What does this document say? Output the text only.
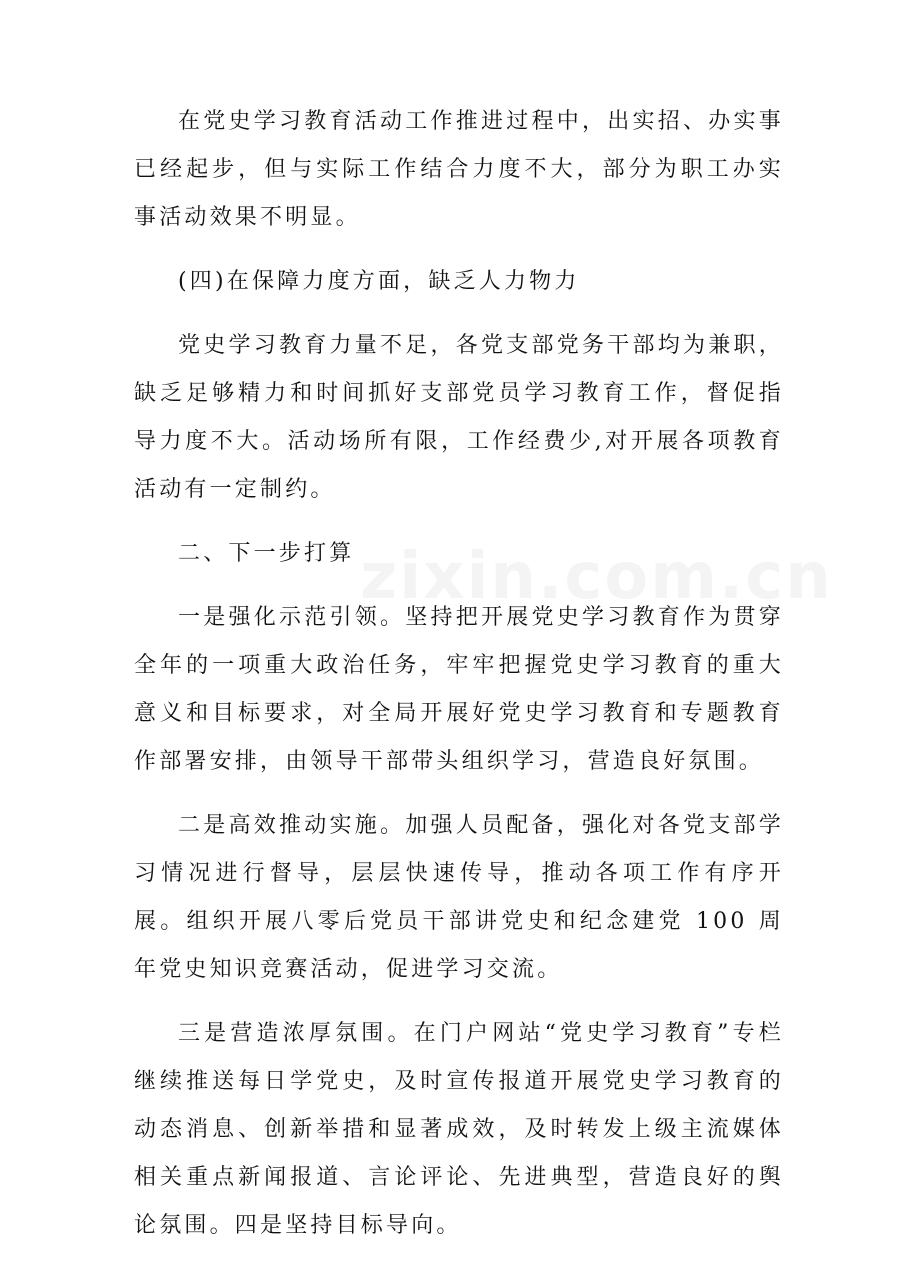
zixin.com.cn

在党史学习教育活动工作推进过程中，出实招、办实事已经起步，但与实际工作结合力度不大，部分为职工办实事活动效果不明显。

(四)在保障力度方面，缺乏人力物力

党史学习教育力量不足，各党支部党务干部均为兼职，缺乏足够精力和时间抓好支部党员学习教育工作，督促指导力度不大。活动场所有限，工作经费少,对开展各项教育活动有一定制约。

二、下一步打算

一是强化示范引领。坚持把开展党史学习教育作为贯穿全年的一项重大政治任务，牢牢把握党史学习教育的重大意义和目标要求，对全局开展好党史学习教育和专题教育作部署安排，由领导干部带头组织学习，营造良好氛围。

二是高效推动实施。加强人员配备，强化对各党支部学习情况进行督导，层层快速传导，推动各项工作有序开展。组织开展八零后党员干部讲党史和纪念建党 100 周年党史知识竞赛活动，促进学习交流。

三是营造浓厚氛围。在门户网站“党史学习教育”专栏继续推送每日学党史，及时宣传报道开展党史学习教育的动态消息、创新举措和显著成效，及时转发上级主流媒体相关重点新闻报道、言论评论、先进典型，营造良好的舆论氛围。四是坚持目标导向。
